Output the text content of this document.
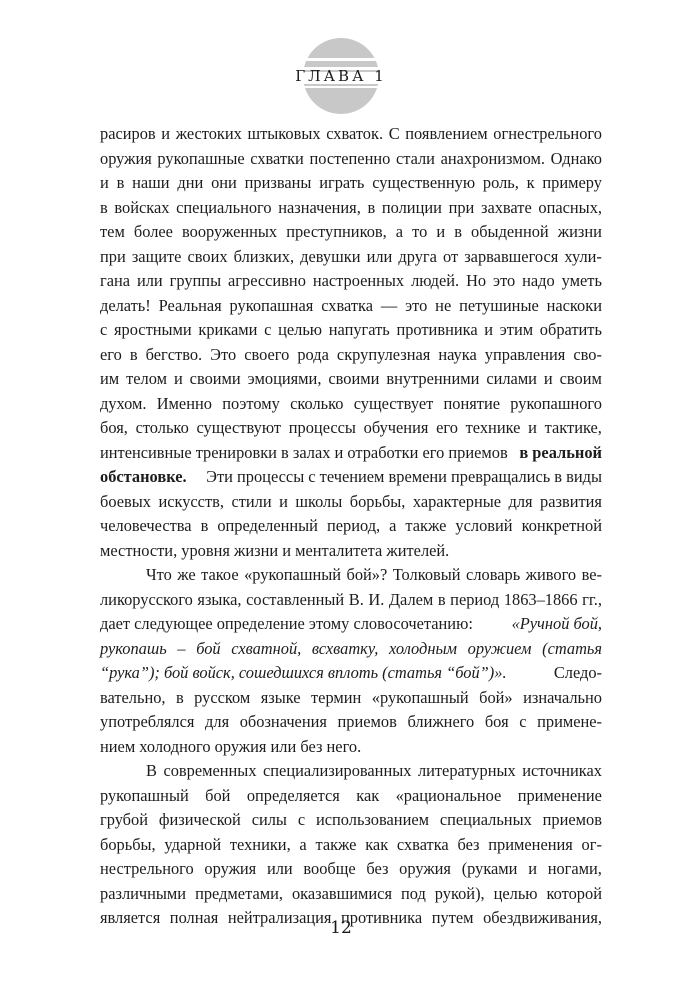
ГЛАВА 1
расиров и жестоких штыковых схваток. С появлением огнестрельного
оружия рукопашные схватки постепенно стали анахронизмом. Однако
и в наши дни они призваны играть существенную роль, к примеру
в войсках специального назначения, в полиции при захвате опасных,
тем более вооруженных преступников, а то и в обыденной жизни
при защите своих близких, девушки или друга от зарвавшегося хули-
гана или группы агрессивно настроенных людей. Но это надо уметь
делать! Реальная рукопашная схватка — это не петушиные наскоки
с яростными криками с целью напугать противника и этим обратить
его в бегство. Это своего рода скрупулезная наука управления сво-
им телом и своими эмоциями, своими внутренними силами и своим
духом. Именно поэтому сколько существует понятие рукопашного
боя, столько существуют процессы обучения его технике и тактике,
интенсивные тренировки в залах и отработки его приемов в реальной
обстановке. Эти процессы с течением времени превращались в виды
боевых искусств, стили и школы борьбы, характерные для развития
человечества в определенный период, а также условий конкретной
местности, уровня жизни и менталитета жителей.
Что же такое «рукопашный бой»? Толковый словарь живого ве-
ликорусского языка, составленный В. И. Далем в период 1863–1866 гг.,
дает следующее определение этому словосочетанию: «Ручной бой,
рукопашь – бой схватной, всхватку, холодным оружием (статья
“рука”); бой войск, сошедшихся вплоть (статья “бой”)».	Следо-
вательно, в русском языке термин «рукопашный бой» изначально
употреблялся для обозначения приемов ближнего боя с примене-
нием холодного оружия или без него.
В современных специализированных литературных источниках
рукопашный бой определяется как «рациональное применение
грубой физической силы с использованием специальных приемов
борьбы, ударной техники, а также как схватка без применения ог-
нестрельного оружия или вообще без оружия (руками и ногами,
различными предметами, оказавшимися под рукой), целью которой
является полная нейтрализация противника путем обездвиживания,
12
